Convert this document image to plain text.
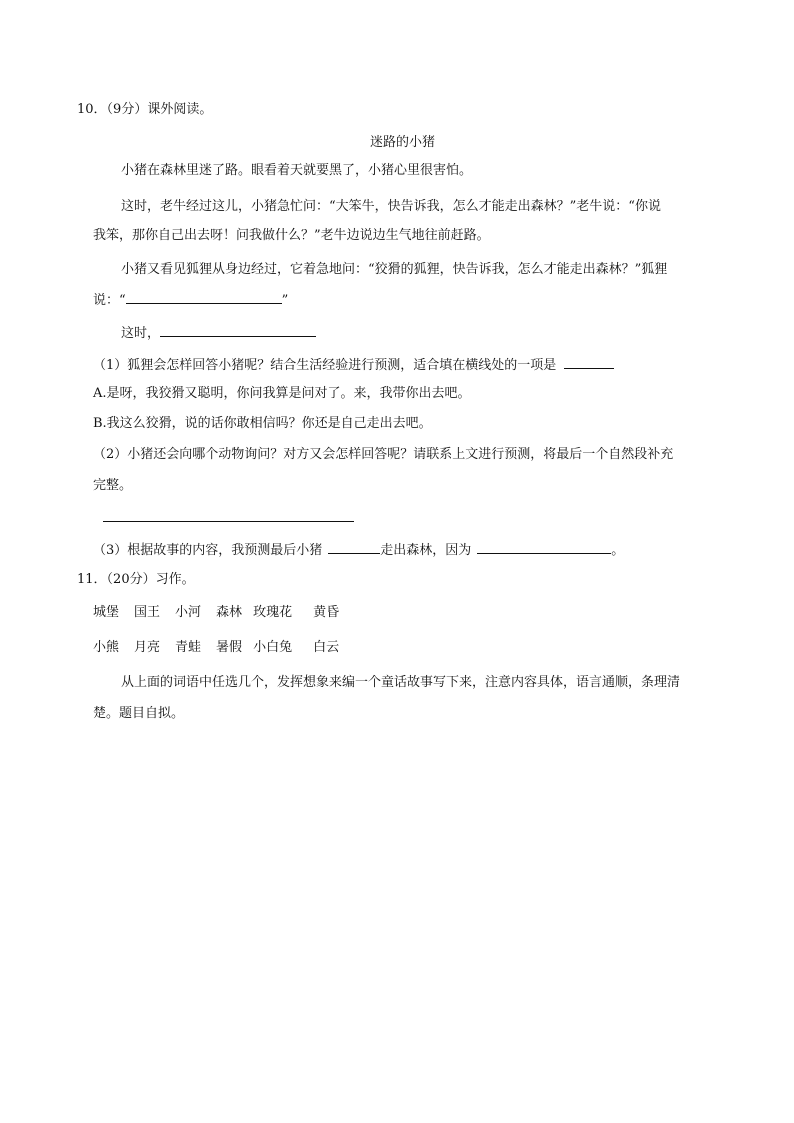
10．（9分）课外阅读。
迷路的小猪
小猪在森林里迷了路。眼看着天就要黑了，小猪心里很害怕。
这时，老牛经过这儿，小猪急忙问：“大笨牛，快告诉我，怎么才能走出森林？”老牛说：“你说
我笨，那你自己出去呀！问我做什么？”老牛边说边生气地往前赶路。
小猪又看见狐狸从身边经过，它着急地问：“狡猾的狐狸，快告诉我，怎么才能走出森林？”狐狸
说：“	”
这时，
（1）狐狸会怎样回答小猪呢？结合生活经验进行预测，适合填在横线处的一项是
A.是呀，我狡猾又聪明，你问我算是问对了。来，我带你出去吧。
B.我这么狡猾，说的话你敢相信吗？你还是自己走出去吧。
（2）小猪还会向哪个动物询问？对方又会怎样回答呢？请联系上文进行预测，将最后一个自然段补充
完整。
（3）根据故事的内容，我预测最后小猪	走出森林，因为	。
11．（20分）习作。
城堡 国王 小河 森林 玫瑰花 黄昏
小熊 月亮 青蛙 暑假 小白兔 白云
从上面的词语中任选几个，发挥想象来编一个童话故事写下来，注意内容具体，语言通顺，条理清
楚。题目自拟。
